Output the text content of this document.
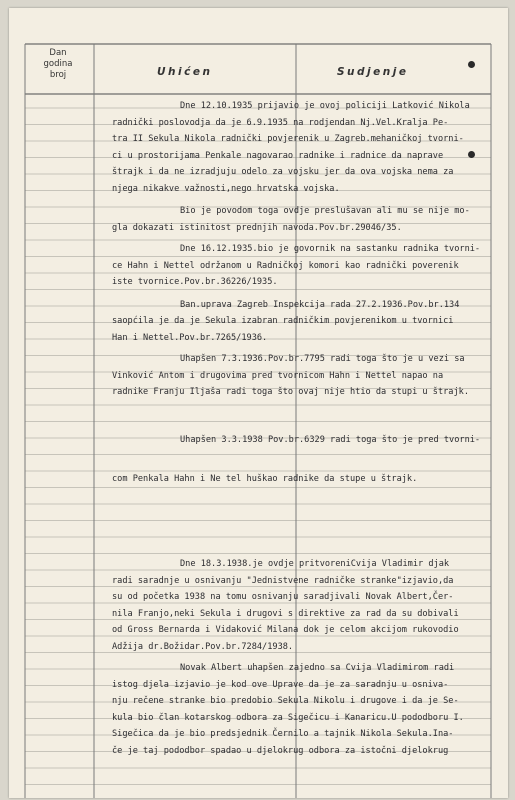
Dan
godina
broj	Uhićen	Sudjenje
Dne 12.10.1935 prijavio je ovoj policiji Latković Nikola
radnički poslovodja da je 6.9.1935 na rodjendan Nj.Vel.Kralja Pe-
tra II Sekula Nikola radnički povjerenik u Zagreb.mehaničkoj tvorni-
ci u prostorijama Penkale nagovarao radnike i radnice da naprave
štrajk i da ne izradjuju odelo za vojsku jer da ova vojska nema za
njega nikakve važnosti,nego hrvatska vojska.
Bio je povodom toga ovdje preslušavan ali mu se nije mo-
gla dokazati istinitost prednjih navoda.Pov.br.29046/35.
Dne 16.12.1935.bio je govornik na sastanku radnika tvorni-
ce Hahn i Nettel održanom u Radničkoj komori kao radnički poverenik
iste tvornice.Pov.br.36226/1935.
Ban.uprava Zagreb Inspekcija rada 27.2.1936.Pov.br.134
saopćila je da je Sekula izabran radničkim povjerenikom u tvornici
Han i Nettel.Pov.br.7265/1936.
Uhapšen 7.3.1936.Pov.br.7795 radi toga što je u vezi sa
Vinković Antom i drugovima pred tvornicom Hahn i Nettel napao na
radnike Franju Iljaša radi toga što ovaj nije htio da stupi u štrajk.
Uhapšen 3.3.1938 Pov.br.6329 radi toga što je pred tvorni-
com Penkala Hahn i Ne tel huškao radnike da stupe u štrajk.
Dne 18.3.1938.je ovdje pritvoreniCvija Vladimir djak
radi saradnje u osnivanju "Jednistvene radničke stranke"izjavio,da
su od početka 1938 na tomu osnivanju saradjivali Novak Albert,Čer-
nila Franjo,neki Sekula i drugovi s direktive za rad da su dobivali
od Gross Bernarda i Vidaković Milana dok je celom akcijom rukovodio
Adžija dr.Božidar.Pov.br.7284/1938.
Novak Albert uhapšen zajedno sa Cvija Vladimirom radi
istog djela izjavio je kod ove Uprave da je za saradnju u osniva-
nju rečene stranke bio predobio Sekula Nikolu i drugove i da je Se-
kula bio član kotarskog odbora za Sigečicu i Kanaricu.U pododboru I.
Sigečica da je bio predsjednik Černilo a tajnik Nikola Sekula.Ina-
če je taj pododbor spadao u djelokrug odbora za istočni djelokrug
